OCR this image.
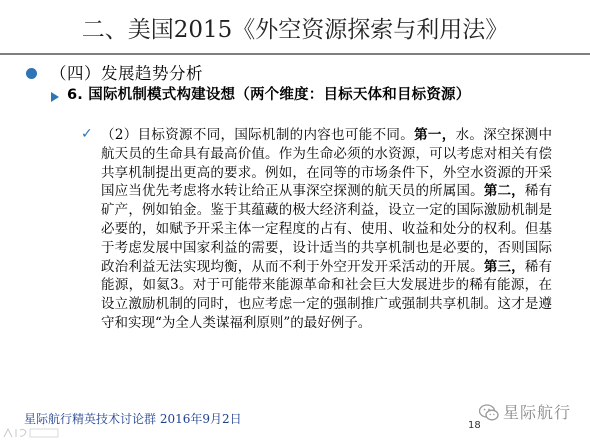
二、美国2015《外空资源探索与利用法》
（四）发展趋势分析
6. 国际机制模式构建设想（两个维度：目标天体和目标资源）
✓ （2）目标资源不同，国际机制的内容也可能不同。第一，水。深空探测中航天员的生命具有最高价值。作为生命必须的水资源，可以考虑对相关有偿共享机制提出更高的要求。例如，在同等的市场条件下，外空水资源的开采国应当优先考虑将水转让给正从事深空探测的航天员的所属国。第二，稀有矿产，例如铂金。鉴于其蕴藏的极大经济利益，设立一定的国际激励机制是必要的，如赋予开采主体一定程度的占有、使用、收益和处分的权利。但基于考虑发展中国家利益的需要，设计适当的共享机制也是必要的，否则国际政治利益无法实现均衡，从而不利于外空开发开采活动的开展。第三，稀有能源，如氦3。对于可能带来能源革命和社会巨大发展进步的稀有能源，在设立激励机制的同时，也应考虑一定的强制推广或强制共享机制。这才是遵守和实现“为全人类谋福利原则”的最好例子。
星际航行精英技术讨论群 2016年9月2日	18
星际航行
